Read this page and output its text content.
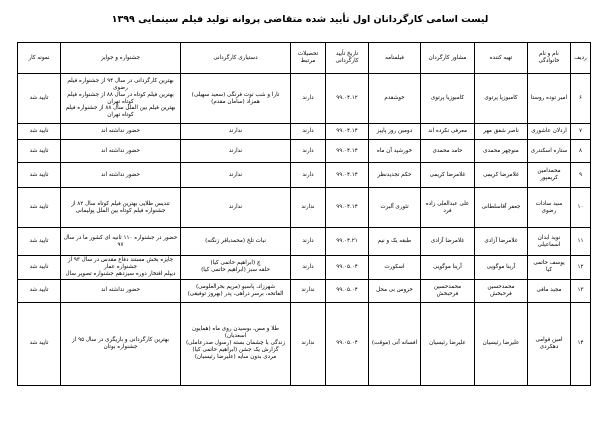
لیست اسامی کارگردانان اول تأیید شده متقاضی پروانه تولید فیلم سینمایی ۱۳۹۹
ردیف	نام و نام خانوادگی	تهیه کننده	مشاور کارگردان	فیلمنامه	تاریخ تأیید کارگردانی	تحصیلات مرتبط	دستیاری کارگردانی	جشنواره و جوایز	نمونه کار
۶	امیر توده روستا	کامبوزیا پرتوی	کامبوزیا پرتوی	خوشقدم	۹۹.۰۴.۱۲	دارند	تارا و شب توت فرنگی (سعید سهیلی)
همزاد (سامان مقدم)	بهترین کارگردانی در سال ۹۴ از جشنواره فیلم رضوی
بهترین فیلم کوتاه در سال ۸۸ از جشنواره فیلم کوتاه تهران
بهترین فیلم بین الملل سال ۸۸ از جشنواره فیلم کوتاه تهران	تایید شد
۷	اردلان عاشوری	ناصر شفق مهر	معرفی نکرده اند	دومین روز پاییز	۹۹.۰۴.۱۴	دارند	ندارند	حضور نداشته اند	تایید شد
۸	ستاره اسکندری	منوچهر محمدی	حامد محمدی	خورشید آن ماه	۹۹.۰۴.۱۴	دارند	ندارند	حضور نداشته اند	تایید شد
۹	محمدامین کریمپور	غلامرضا کریمی	غلامرضا کریمی	حکم تجدیدنظر	۹۹.۰۴.۱۴	دارند	ندارند	حضور نداشته اند	تایید شد
۱۰	سید سادات رضوی	جعفر آقاسلطانی	علی عبدالعلی زاده فرد	تئوری آلبرت	۹۹.۰۴.۱۴	ندارند	ندارند	تندیس طلایی بهترین فیلم کوتاه سال ۸۲ از جشنواره فیلم کوتاه بین الملل پولیمانی	تایید شد
۱۱	نوید ابدان اسماعیلی	غلامرضا آزادی	غلامرضا آزادی	طبقه یک و نیم	۹۹.۰۴.۲۱	دارند	نیات تلخ (محمدباقر زنگنه)	حضور در جشنواره ۱۱۰ ثانیه ای کشور ما در سال ۹۷	تایید شد
۱۲	یوسف حاتمی کیا	آرینا موگویی	آرینا موگویی	اسکورت	۹۹.۰۵.۰۴	دارند	چ (ابراهیم حاتمی کیا)
حلقه سبز (ابراهیم حاتمی کیا)	جایزه بخش مستند دفاع مقدس در سال ۹۳ از جشنواره عمار
دیپلم افتخار دوره سیزدهم جشنواره تصویر سال	تایید شد
۱۳	مجید مافی	محمدحسین فرحبخش	محمدحسین فرحبخش	خروس بی محل	۹۹.۰۵.۰۴	ندارند	شهرزاد، پاسیو (مریم بحرالعلومی)
الفاتحه، برسر دراهی، پدر (بهروز توفیقی)	حضور نداشته اند	تایید شد
۱۴	امین قوامی دهکردی	علیرضا رئیسیان	علیرضا رئیسیان	افسانه آنی (موقت)	۹۹.۰۵.۰۴	ندارند	طلا و مس، بوسیدن روی ماه (همایون اسعدیان)
زندگی با چشمان بسته (رسول صدرعاملی)
گزارش یک جشن (ابراهیم حاتمی کیا)
مردی بدون سایه (علیرضا رئیسیان)	بهترین کارگردانی و بازیگری در سال ۹۵ از جشنواره بوتان	تایید شد
